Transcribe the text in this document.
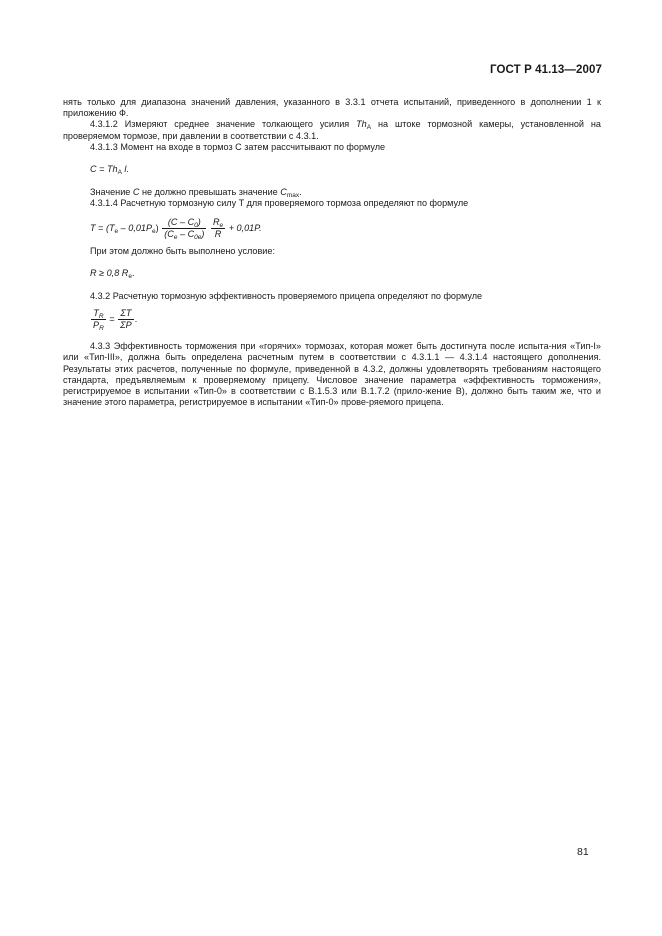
ГОСТ Р 41.13—2007

нять только для диапазона значений давления, указанного в 3.3.1 отчета испытаний, приведенного в дополнении 1 к приложению Ф.

4.3.1.2 Измеряют среднее значение толкающего усилия $Th_A$ на штоке тормозной камеры, установленной на проверяемом тормозе, при давлении в соответствии с 4.3.1.

4.3.1.3 Момент на входе в тормоз C затем рассчитывают по формуле

$C = Th_A$ l.

Значение C не должно превышать значение $C_{max}$.

4.3.1.4 Расчетную тормозную силу T для проверяемого тормоза определяют по формуле

$T = (T_e - 0,01P_e) \frac{(C - C_0)}{(C_e - C_{0e})}$
$\frac{R_e}{R} + 0,01P$.

При этом должно быть выполнено условие:

R ≥ 0,8 $R_e$.

4.3.2 Расчетную тормозную эффективность проверяемого прицепа определяют по формуле

$\frac{T_R}{P_R} = \frac{\Sigma T}{\Sigma P}$ .

4.3.3 Эффективность торможения при «горячих» тормозах, которая может быть достигнута после испыта-ния «Тип-I» или «Тип-III», должна быть определена расчетным путем в соответствии с 4.3.1.1 — 4.3.1.4 настоящего дополнения. Результаты этих расчетов, полученные по формуле, приведенной в 4.3.2, должны удовлетворять требованиям настоящего стандарта, предъявляемым к проверяемому прицепу. Числовое значение параметра «эффективность торможения», регистрируемое в испытании «Тип-0» в соответствии с В.1.5.3 или В.1.7.2 (прило-жение В), должно быть таким же, что и значение этого параметра, регистрируемое в испытании «Тип-0» прове-ряемого прицепа.

81
